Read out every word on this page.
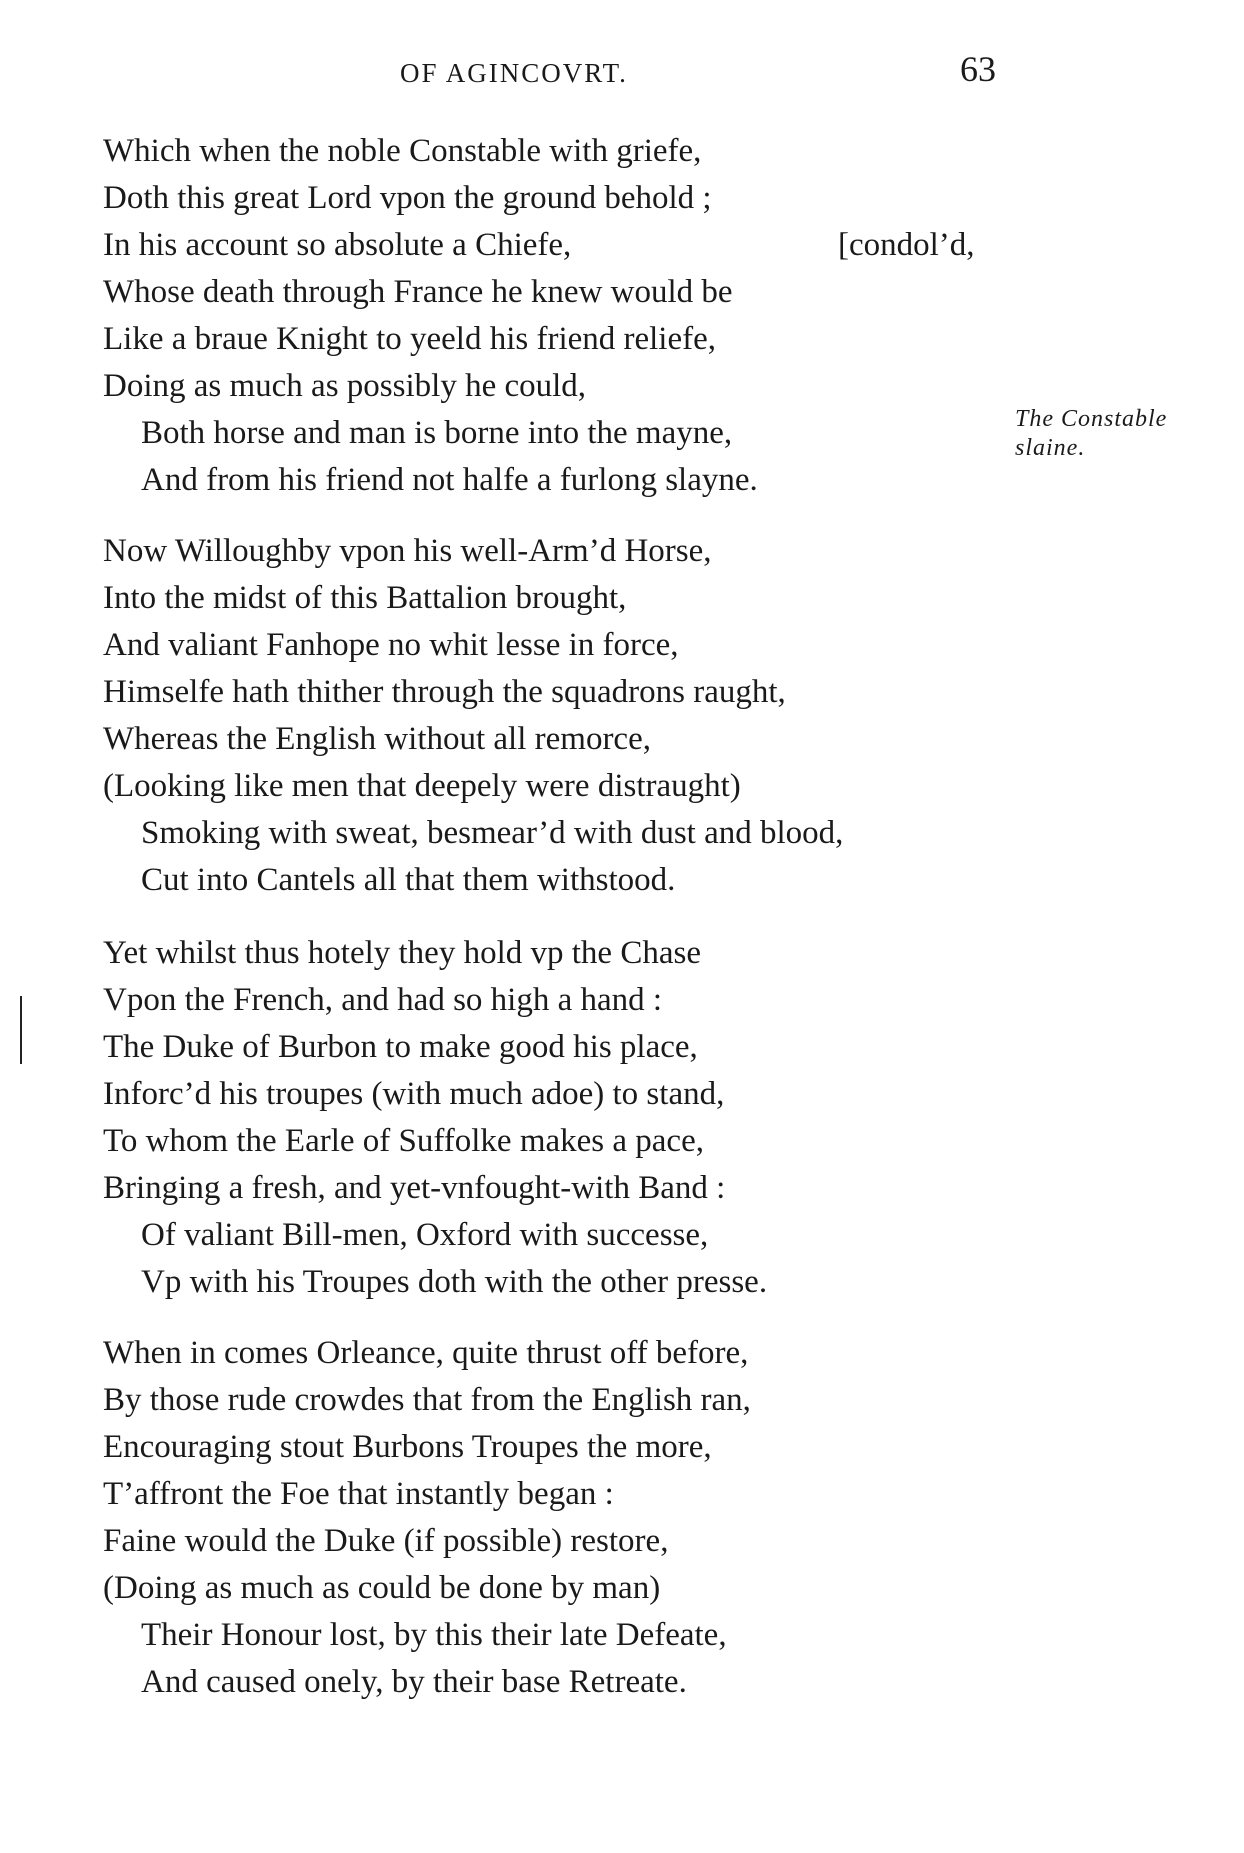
OF AGINCOVRT.	63
Which when the noble Constable with griefe,
Doth this great Lord vpon the ground behold ;
In his account so absolute a Chiefe,	[condol’d,
Whose death through France he knew would be
Like a braue Knight to yeeld his friend reliefe,
Doing as much as possibly he could,
Both horse and man is borne into the mayne,
And from his friend not halfe a furlong slayne.
The Constable
slaine.
Now Willoughby vpon his well-Arm’d Horse,
Into the midst of this Battalion brought,
And valiant Fanhope no whit lesse in force,
Himselfe hath thither through the squadrons raught,
Whereas the English without all remorce,
(Looking like men that deepely were distraught)
Smoking with sweat, besmear’d with dust and blood,
Cut into Cantels all that them withstood.
Yet whilst thus hotely they hold vp the Chase
Vpon the French, and had so high a hand :
The Duke of Burbon to make good his place,
Inforc’d his troupes (with much adoe) to stand,
To whom the Earle of Suffolke makes a pace,
Bringing a fresh, and yet-vnfought-with Band :
Of valiant Bill-men, Oxford with successe,
Vp with his Troupes doth with the other presse.
When in comes Orleance, quite thrust off before,
By those rude crowdes that from the English ran,
Encouraging stout Burbons Troupes the more,
T’affront the Foe that instantly began :
Faine would the Duke (if possible) restore,
(Doing as much as could be done by man)
Their Honour lost, by this their late Defeate,
And caused onely, by their base Retreate.
